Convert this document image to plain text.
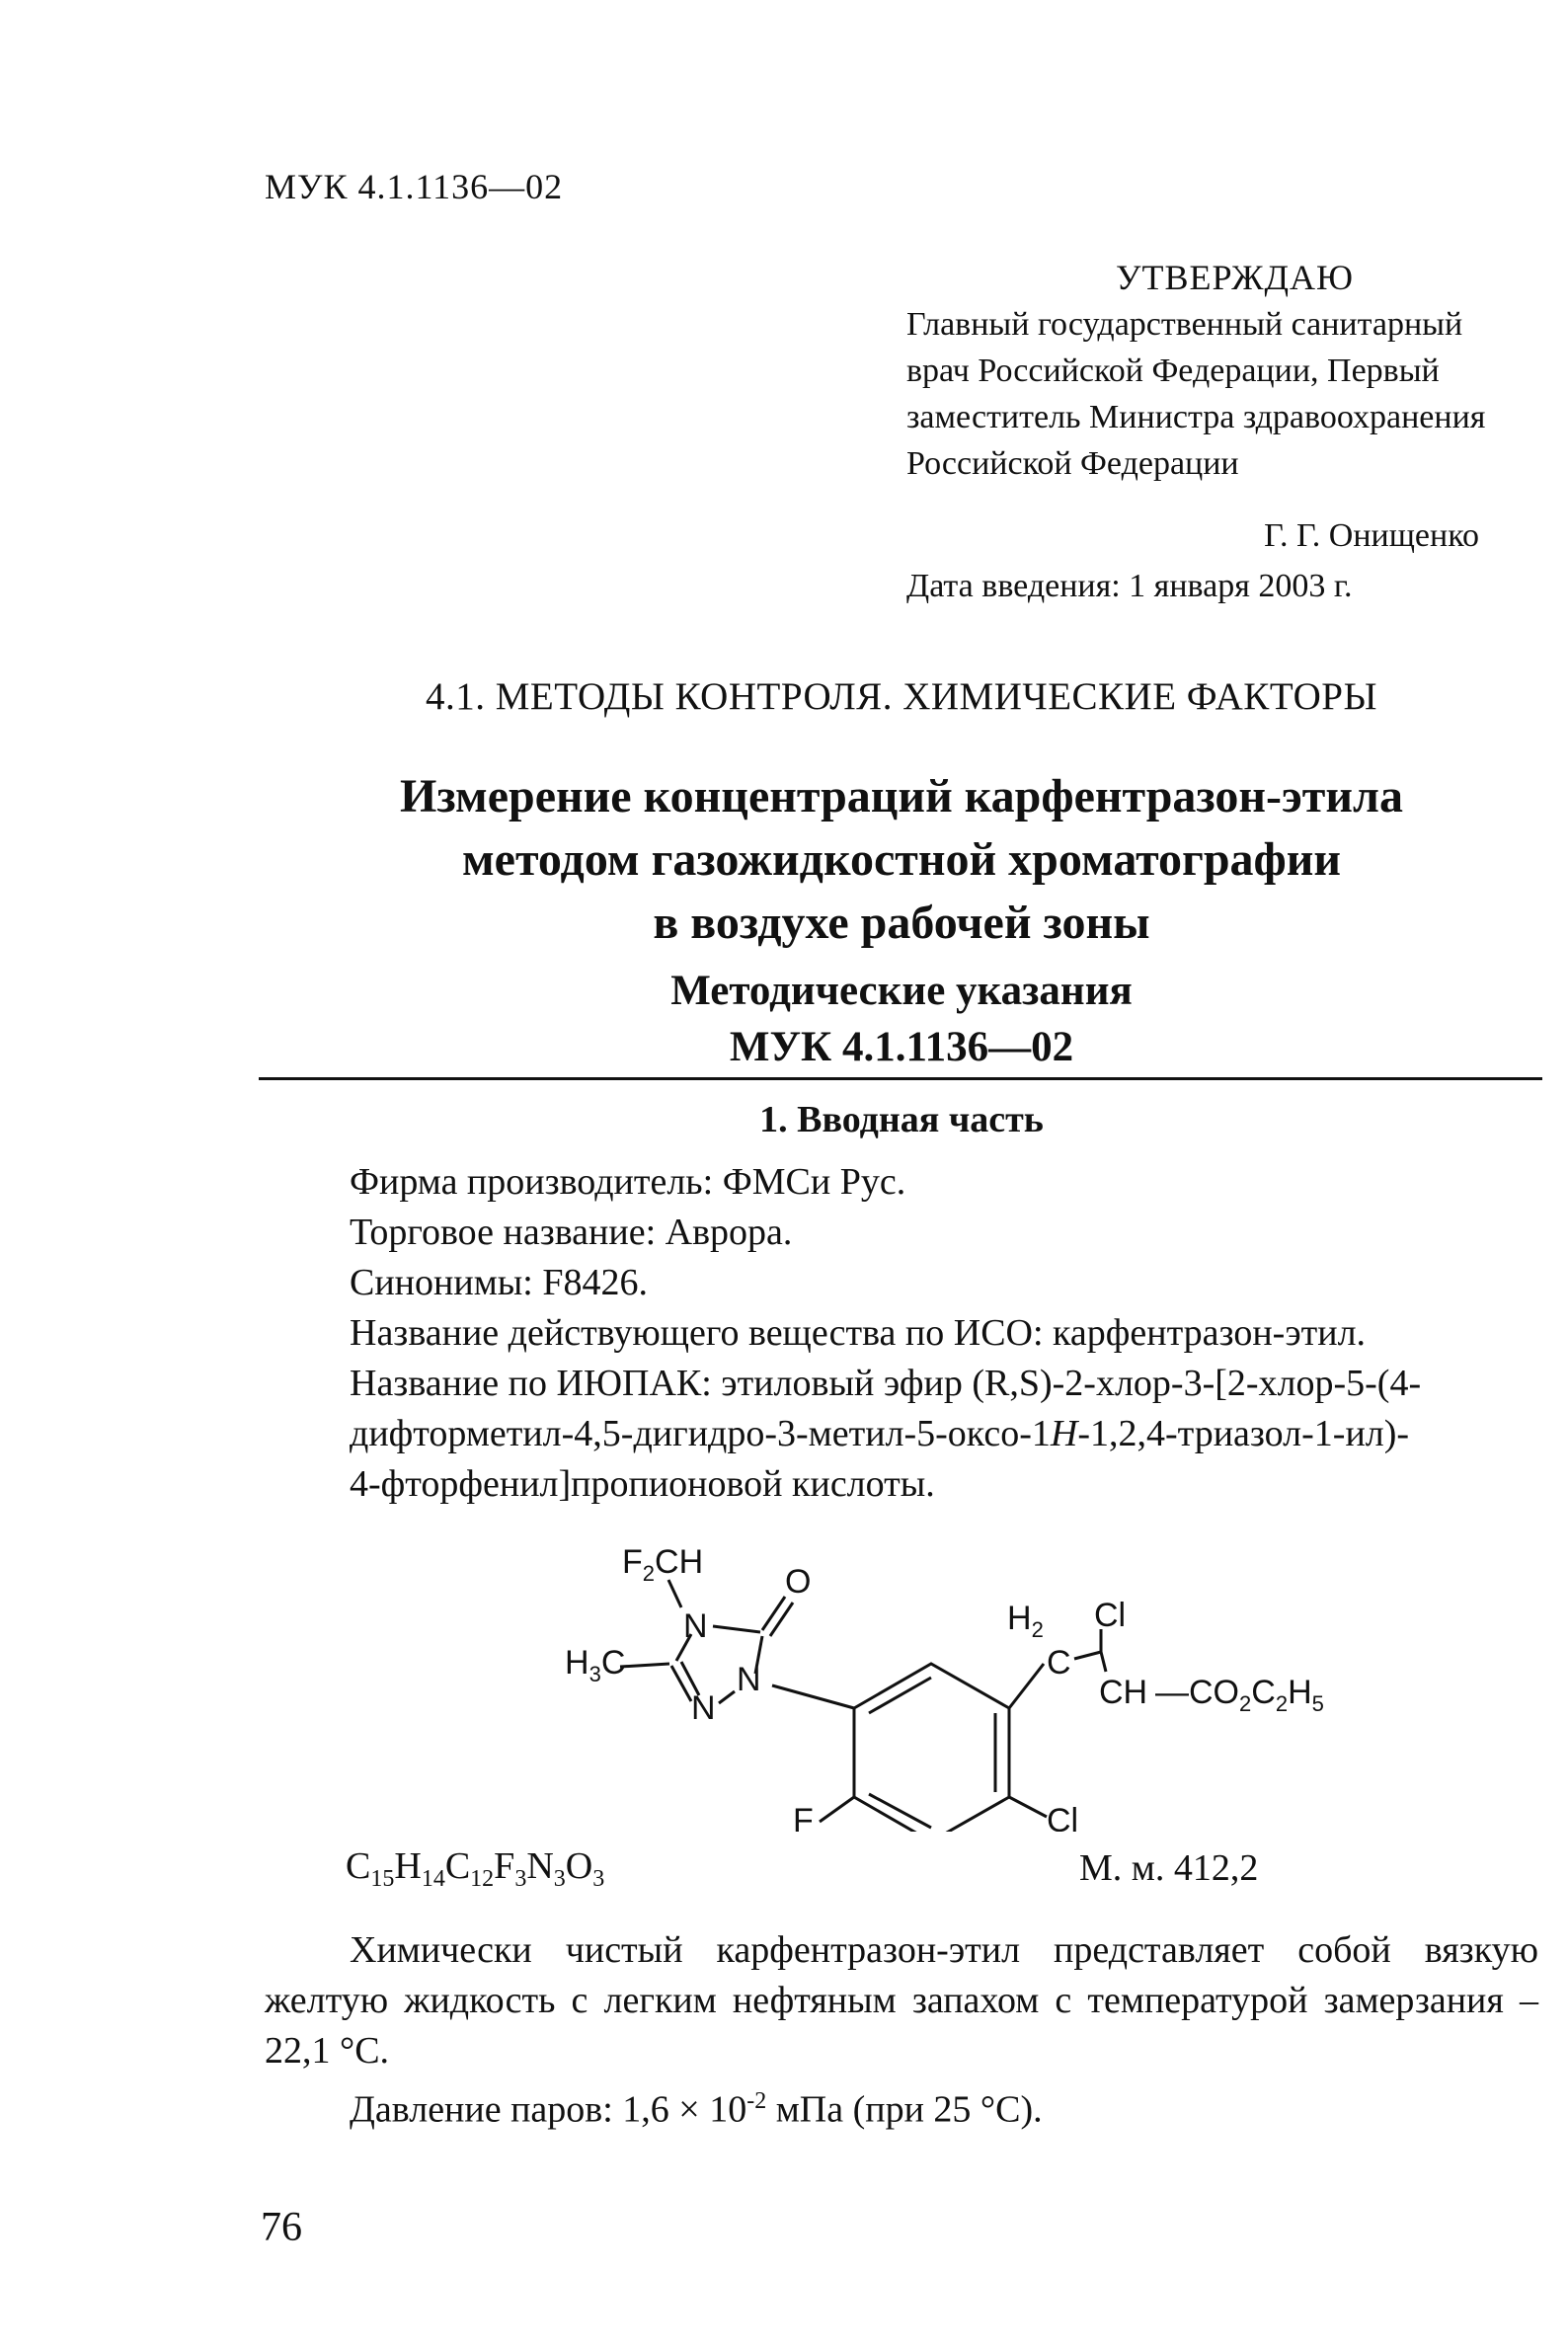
МУК 4.1.1136—02
УТВЕРЖДАЮ
Главный государственный санитарный
врач Российской Федерации, Первый
заместитель Министра здравоохранения
Российской Федерации
Г. Г. Онищенко
Дата введения: 1 января 2003 г.
4.1. МЕТОДЫ КОНТРОЛЯ. ХИМИЧЕСКИЕ ФАКТОРЫ
Измерение концентраций карфентразон-этила
методом газожидкостной хроматографии
в воздухе рабочей зоны
Методические указания
МУК 4.1.1136—02
1. Вводная часть

Фирма производитель: ФМСи Рус.

Торговое название: Аврора.

Синонимы: F8426.

Название действующего вещества по ИСО: карфентразон-этил.

Название по ИЮПАК: этиловый эфир (R,S)-2-хлор-3-[2-хлор-5-(4-

дифторметил-4,5-дигидро-3-метил-5-оксо-1H-1,2,4-триазол-1-ил)-

4-фторфенил]пропионовой кислоты.

$F_2CH$
O
N
$H_3C$	N
N
$H_2$
C
Cl
CH $—CO_2C_2H_5$
F	Cl
$C_{15}H_{14}C_{12}F_3N_3O_3$	М. м. 412,2

Химически чистый карфентразон-этил представляет собой вязкую желтую жидкость с легким нефтяным запахом с температурой замерзания – 22,1 °С.

Давление паров: $1,6 \times 10^{-2}$ мПа (при 25 °С).

76
